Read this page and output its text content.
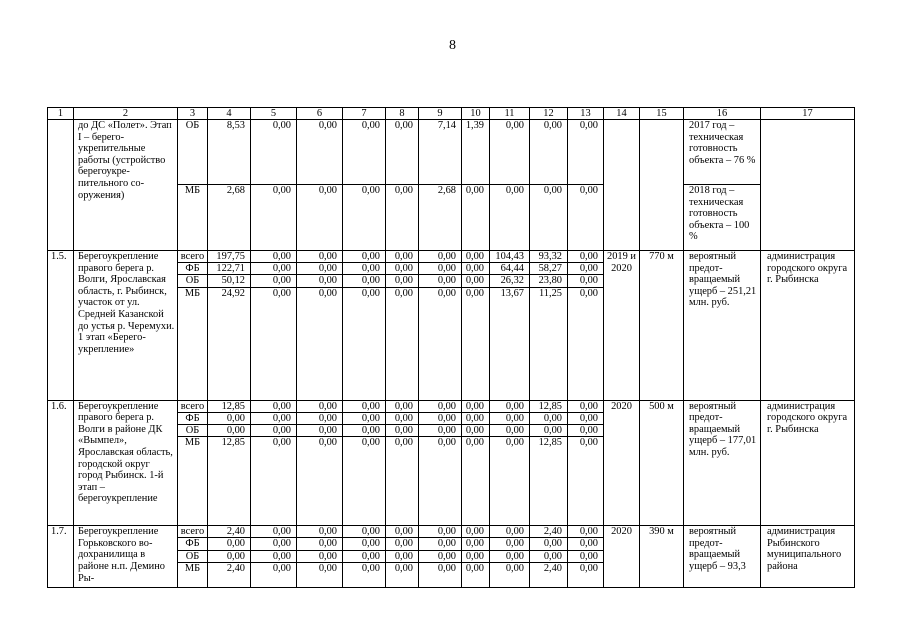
8
1	2	3	4	5	6	7	8	9	10	11	12	13	14	15	16	17
	до ДС «Полет». Этап I – берегоукрепительные работы (устройство берегоукрепительного сооружения)	ОБ	8,53	0,00	0,00	0,00	0,00	7,14	1,39	0,00	0,00	0,00			2017 год – техническая готовность объекта – 76 %	
		МБ	2,68	0,00	0,00	0,00	0,00	2,68	0,00	0,00	0,00	0,00			2018 год – техническая готовность объекта – 100 %	
1.5.	Берегоукрепление правого берега р. Волги, Ярославская область, г. Рыбинск, участок от ул. Средней Казанской до устья р. Черемухи. 1 этап «Берегоукрепление»	всего	197,75	0,00	0,00	0,00	0,00	0,00	0,00	104,43	93,32	0,00	2019 и 2020	770 м	вероятный предотвращаемый ущерб – 251,21 млн. руб.	администрация городского округа г. Рыбинска
		ФБ	122,71	0,00	0,00	0,00	0,00	0,00	0,00	64,44	58,27	0,00				
		ОБ	50,12	0,00	0,00	0,00	0,00	0,00	0,00	26,32	23,80	0,00				
		МБ	24,92	0,00	0,00	0,00	0,00	0,00	0,00	13,67	11,25	0,00				
1.6.	Берегоукрепление правого берега р. Волги в районе ДК «Вымпел», Ярославская область, городской округ город Рыбинск. 1-й этап – берегоукрепление	всего	12,85	0,00	0,00	0,00	0,00	0,00	0,00	0,00	12,85	0,00	2020	500 м	вероятный предотвращаемый ущерб – 177,01 млн. руб.	администрация городского округа г. Рыбинска
		ФБ	0,00	0,00	0,00	0,00	0,00	0,00	0,00	0,00	0,00	0,00				
		ОБ	0,00	0,00	0,00	0,00	0,00	0,00	0,00	0,00	0,00	0,00				
		МБ	12,85	0,00	0,00	0,00	0,00	0,00	0,00	0,00	12,85	0,00				
1.7.	Берегоукрепление Горьковского водохранилища в районе н.п. Демино Ры-	всего	2,40	0,00	0,00	0,00	0,00	0,00	0,00	0,00	2,40	0,00	2020	390 м	вероятный предотвращаемый ущерб – 93,3	администрация Рыбинского муниципального района
		ФБ	0,00	0,00	0,00	0,00	0,00	0,00	0,00	0,00	0,00	0,00				
		ОБ	0,00	0,00	0,00	0,00	0,00	0,00	0,00	0,00	0,00	0,00				
		МБ	2,40	0,00	0,00	0,00	0,00	0,00	0,00	0,00	2,40	0,00				
